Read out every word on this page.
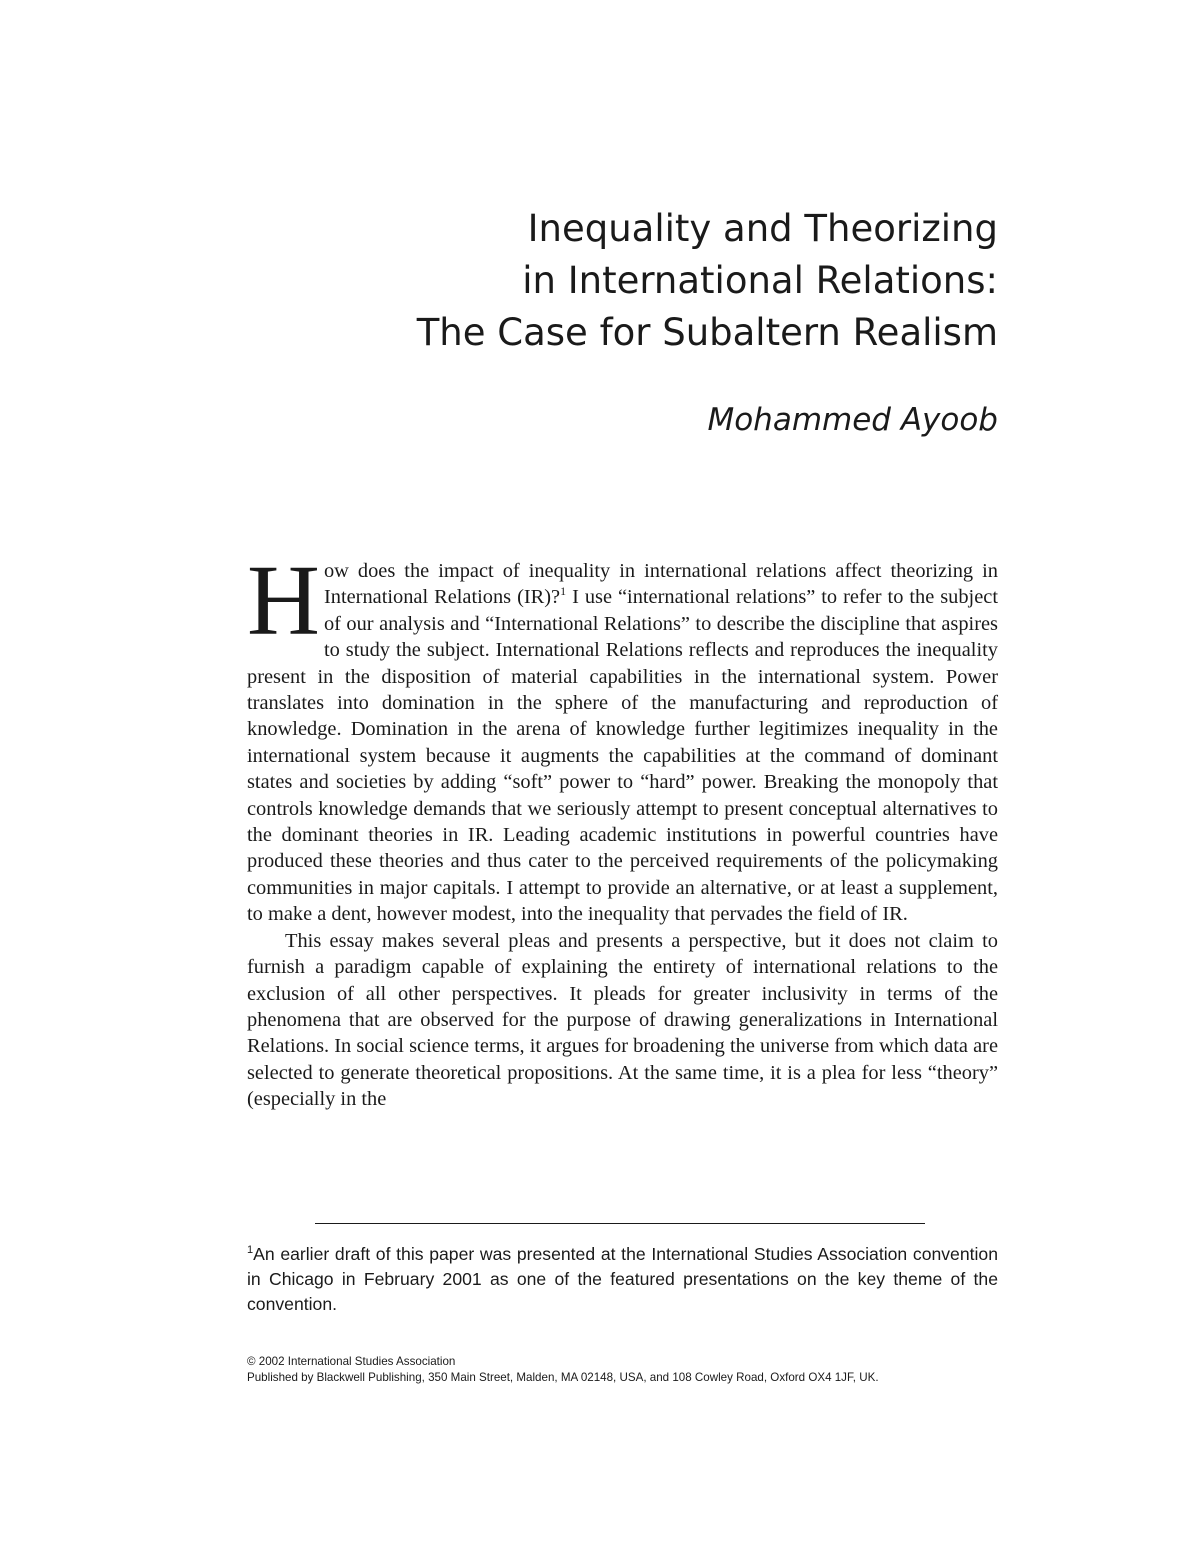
Inequality and Theorizing
in International Relations:
The Case for Subaltern Realism
Mohammed Ayoob

How does the impact of inequality in international relations affect theorizing in International Relations (IR)?$^1$ I use “international relations” to refer to the subject of our analysis and “International Relations” to describe the discipline that aspires to study the subject. International Relations reflects and reproduces the inequality present in the disposition of material capabilities in the international system. Power translates into domination in the sphere of the manufacturing and reproduction of knowledge. Domination in the arena of knowledge further legitimizes inequality in the international system because it augments the capabilities at the command of dominant states and societies by adding “soft” power to “hard” power. Breaking the monopoly that controls knowledge demands that we seriously attempt to present conceptual alternatives to the dominant theories in IR. Leading academic institutions in powerful countries have produced these theories and thus cater to the perceived requirements of the policymaking communities in major capitals. I attempt to provide an alternative, or at least a supplement, to make a dent, however modest, into the inequality that pervades the field of IR.

This essay makes several pleas and presents a perspective, but it does not claim to furnish a paradigm capable of explaining the entirety of international relations to the exclusion of all other perspectives. It pleads for greater inclusivity in terms of the phenomena that are observed for the purpose of drawing generalizations in International Relations. In social science terms, it argues for broadening the universe from which data are selected to generate theoretical propositions. At the same time, it is a plea for less “theory” (especially in the

$^1$An earlier draft of this paper was presented at the International Studies Association convention in Chicago in February 2001 as one of the featured presentations on the key theme of the convention.
© 2002 International Studies Association
Published by Blackwell Publishing, 350 Main Street, Malden, MA 02148, USA, and 108 Cowley Road, Oxford OX4 1JF, UK.
